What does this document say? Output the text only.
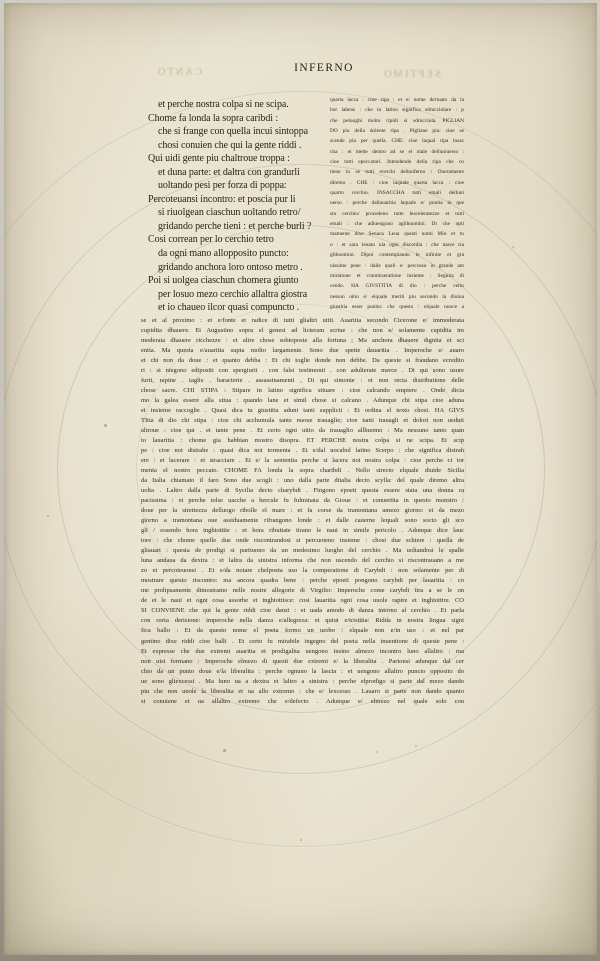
INFERNO
CANTO	SEPTIMO
et perche nostra colpa si ne scipa.
Chome fa londa la sopra caribdi :
che si frange con quella incui sintoppa
chosi conuien che qui la gente riddi .
Qui uidi gente piu chaltroue troppa :
et duna parte: et daltra con grandurli
uoltando pesi per forza di poppa:
Percoteuansi incontro: et poscia pur li
si riuolgean ciaschun uoltando retro/
gridando perche tieni : et perche burli ?
Cosi correan per lo cerchio tetro
da ogni mano allopposito puncto:
gridando anchora loro ontoso metro .
Poi si uolgea ciaschun chomera giunto
per losuo mezo cerchio allaltra giostra
et io chaueo ilcor quasi compuncto .
quarta lacca : cioe ripa : et e/ nome deriuato da la
bor labens : che in latino significa sdrucciolare : p
che peluoghi molto ripidi si sdrucciola. PIGLIAN
DO piu della dolente ripa . Pigliane piu: cioe se
scende piu per quella. CHE: cioe laqual ripa insac
cha : et mette dentro ad se el male delluniuerso :
cioe tutti epeccatori. Intendendo della ripa che co
tiene in se tutti ecerchi dellonferno / Oueramente
diremo . CHE : cioe laquale quarta lacca : cioe
quarto cerchio. INSACCHA tutti emali delluni
uerso : perche dallauaritia laquale e/ punita in que
sto cerchio/ procedeno tutte lesceleratezze et tutti
emali : che adiuengono aglihuomini. Di che opti
mamente dixe Senaca Leua questi nomi Mio et tu
o : et sara leuato uia ogni discordia : che nasce tra
glihuomini. Dipoi contemplando le infinite et gra
uissime pene : dalle quali e/ percosso in grande am
miratione et commiseratione insieme : Seguita di
cendo. HA GIVSTITIA di dio : perche certo
nessun uitio e/ elquale meriti piu secondo la diuina
giustitia esser punito: che questo : elquale nuoce a
se et al proximo : et e/fonte et radice di tutti glialtri uitii. Auaritia secondo Cicerone e/ immoderata
cupidita dhauere. Et Augustino sopra el genesi ad licteram scriue : che non e/ solamente cupidita im
moderata dhauere ricchezze : et altre chose sobtoposte alla fortuna ; Ma anchora dhauere dignita et sci
entia. Ma questa e/auaritia supta molto largamente. Sono due spetie dauaritia . Imperoche e/ auaro
et chi non da doue : et quanto debba : Et chi toglie donde non debbe. Da queste si fraudano ecredito
ri : si niegono edipositi con spergiurii . con falsi testimonii . con adulterate merce . Di qui sono usure
furti, rapine . taglie . baracterie . assassinamenti , Di qui simonie : et non recta distributione delle
chose sacre. CHI STIPA : Stipare in latino significa stiuare : cioe calcando empiere . Onde dicia
mo la galea essere alla stiua : quando lane et simil chose si calcano . Adunque chi stipa cioe aduna
et insieme raccoglie . Quasi dica tu giustitia aduni tanti supplicii : Et ordina el texto chosi. HA GIVS
TItia di dio chi stipa : cioe chi acchumula tante nuoue trauaglie; cioe tanti trauagli et dolori non ueduti
altroue : cioe qui . et tante pene . Et certo ogni uitio da trauaglio allhuomo : Ma nessuno tanto quan
to lauaritia : chome gia habbian mostro disopra. ET PERCHE nostra colpa si ne scipa. Et scip
pe : cioe noi distrahe : quasi dica noi tormenta . Et e/dal uocabol latino Scerpo : che significa distrah
ere : et lacerare : et stracciare . Et e/ la sententia perche si lacera noi nostra colpa : cioe perche ci tor
menta el nostro peccato. CHOME FA londa la sopra charibdi . Nello strecto elquale diuide Sicilia
da Italia chiamato il faro Sono due scogli : uno dalla parte ditalia decto scylla: del quale diremo altra
uolta . Laltro dalla parte di Sycilia decto charybdi . Fingono epoeti questa essere stata una donna ra
pacissima : et perche tolse uacche a hercule fu fulminata da Gioue : et conuertita in questo monstro :
doue per la strettezza delluogo ribolle el mare : et fa corse da tramontana amezo giorno: et da mezo
giorno a tramontana oue assiduamente rifrangono londe : et dalle cauerne lequali sono socto gli sco
gli / essendo hora inghiottite : et hora ributtate tirano le naui in simile pericolo . Adunque dice lauc
tore : che chome quelle due onde riscontrandosi si percuoteno insieme : chosi due schiere : quella de
gliauari : questa de prodigi si partiuono da un medesimo luogho del cerchio . Ma uoltandosi le spalle
luna andaua da dextra : et laltra da sinistra informa che non uscendo del cerchio si riscontrauano a me
zo et percoteuonsi . Et e/da notare chelpoeta uso la comperatione di Carybdi : non solamente per di
mostrare questo riscontro: ma ancora quadra bene : perche epoeti pongono carybdi per lauaritia : co
me prolipsamente dimostramo nelle nostre allegorie di Virgilio: Imperoche come carybdi tira a se le on
de et le naui et ogni cosa assorbe et inghiottisce: cosi lauaritia ogni cosa uuole rapire et inghiottire. CO
SI CONVIENE che qui la gente riddi cioe danzi : et uada amodo di danza intorno al cerchio . Et parla
con certa derisione: imperoche nella danza e/allegreza: et quiui e/tristitia: Ridda in nostra lingua signi
fica ballo : Et da questo nome el poeta formo un uerbo : elquale non e/in uso : et nel par
gentino dixe riddi cioe balli . Et certo fu mirabile ingegno del poeta nella inuentione di queste pene :
Et expresse che due extremi auaritia et prodigalita uengono insino almezo incontro luno allaltro : ma
non uisi fermano : Imperoche elmezo di questi due extremi e/ la liberalita . Partonsi adunque dal cer
chio da un punto doue e/la liberalita : perche ognuno la lascia : et uengono allaltro puncto opposito do
ue sono gliexcessi . Ma luno ua a dextra et laltro a sinistra : perche elprodigo si parte dal mezo dando
piu che non unole la liberalita et ua allo extremo : che e/ lexcesso . Lauaro si parte non dando quanto
si conuiene et ua allaltro extremo che e/defecto . Adunque e/ elmezo nel quale solo con
